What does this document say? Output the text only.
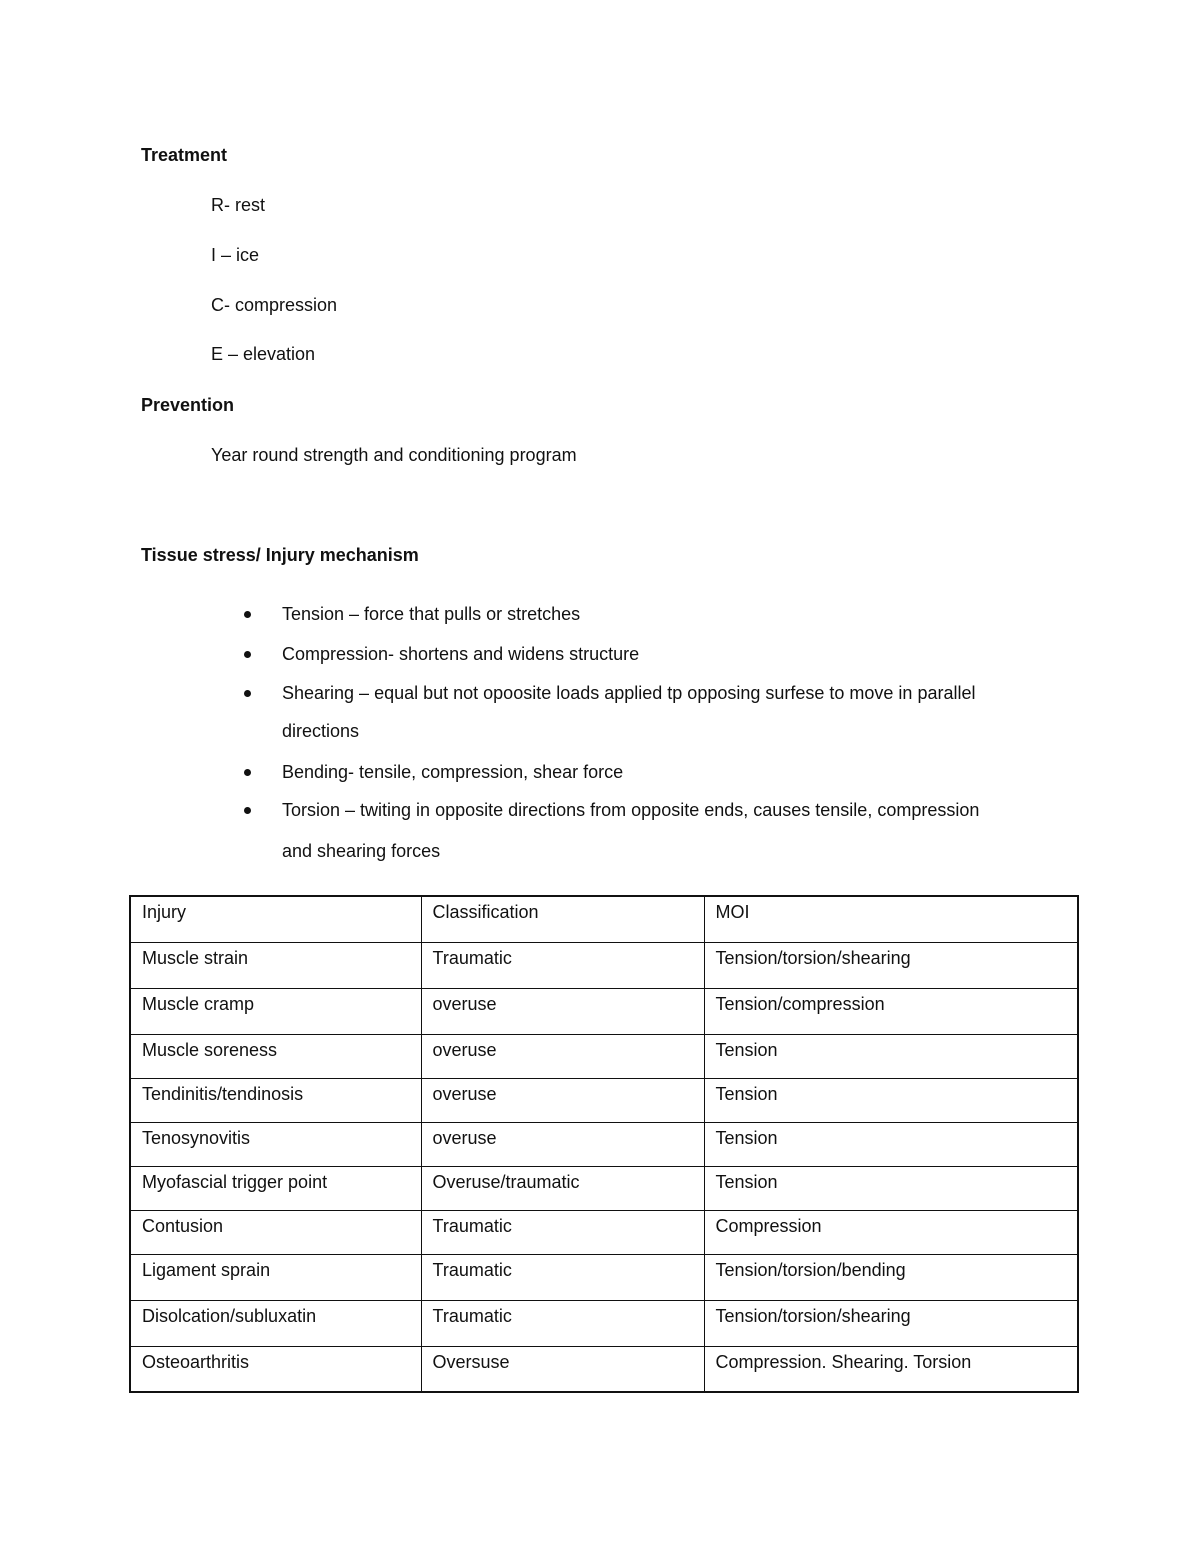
Treatment
R- rest
I – ice
C- compression
E – elevation
Prevention
Year round strength and conditioning program
Tissue stress/ Injury mechanism
Tension – force that pulls or stretches
Compression- shortens and widens structure
Shearing – equal but not opoosite loads applied tp opposing surfese to move in parallel
directions
Bending- tensile, compression, shear force
Torsion – twiting in opposite directions from opposite ends, causes tensile, compression
and shearing forces
Injury	Classification	MOI
Muscle strain	Traumatic	Tension/torsion/shearing
Muscle cramp	overuse	Tension/compression
Muscle soreness	overuse	Tension
Tendinitis/tendinosis	overuse	Tension
Tenosynovitis	overuse	Tension
Myofascial trigger point	Overuse/traumatic	Tension
Contusion	Traumatic	Compression
Ligament sprain	Traumatic	Tension/torsion/bending
Disolcation/subluxatin	Traumatic	Tension/torsion/shearing
Osteoarthritis	Oversuse	Compression. Shearing. Torsion
